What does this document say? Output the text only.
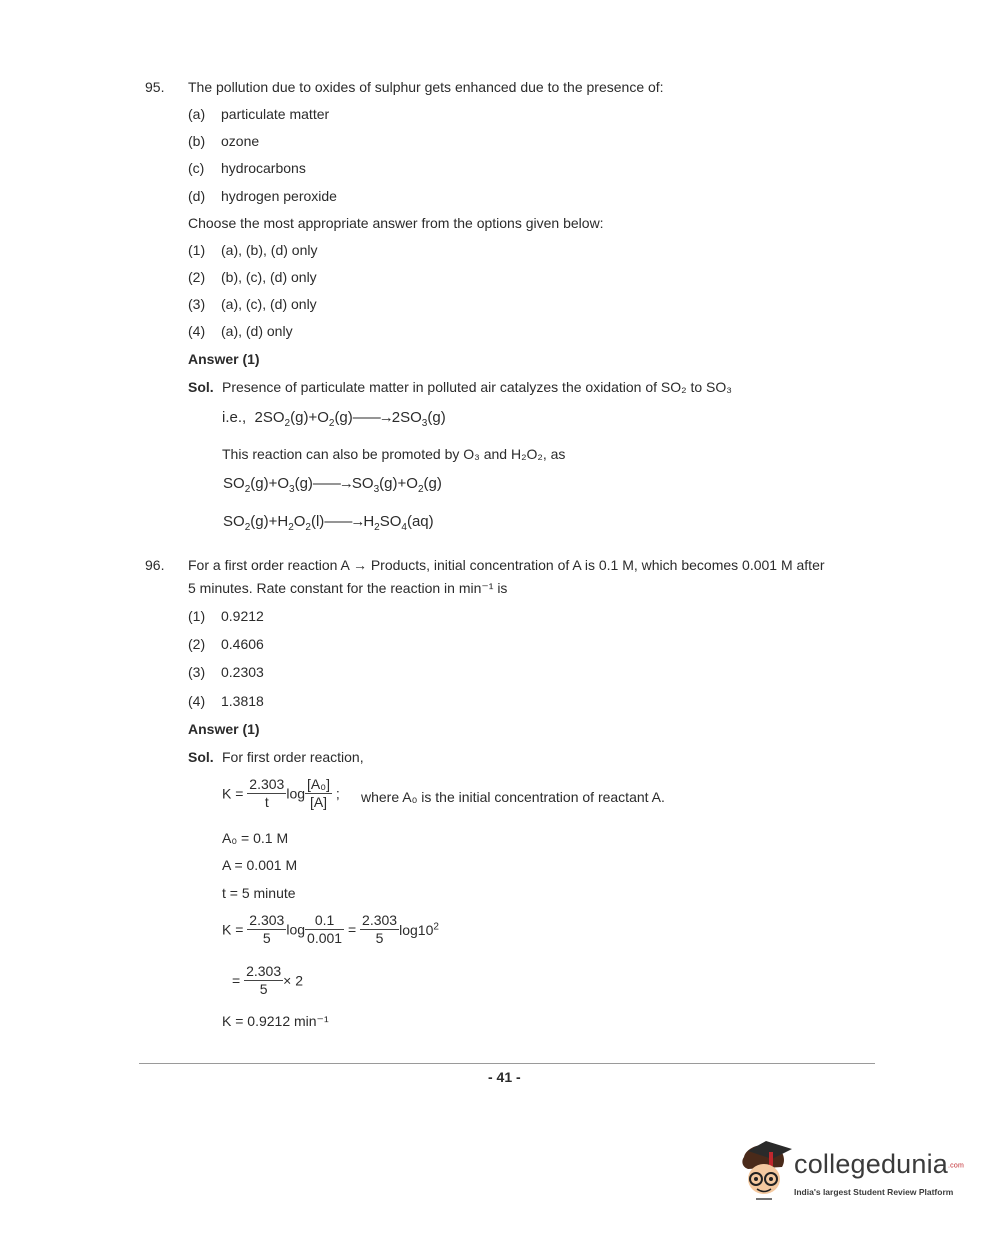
95. The pollution due to oxides of sulphur gets enhanced due to the presence of:
(a) particulate matter
(b) ozone
(c) hydrocarbons
(d) hydrogen peroxide
Choose the most appropriate answer from the options given below:
(1) (a), (b), (d) only
(2) (b), (c), (d) only
(3) (a), (c), (d) only
(4) (a), (d) only
Answer (1)
Sol. Presence of particulate matter in polluted air catalyzes the oxidation of SO₂ to SO₃
i.e.,  $2SO_2(g)+O_2(g)——\to 2SO_3(g)$
This reaction can also be promoted by O₃ and H₂O₂, as
$SO_2(g)+O_3(g)——\to SO_3(g)+O_2(g)$
$SO_2(g)+H_2O_2(l)——\to H_2SO_4(aq)$
96. For a first order reaction A → Products, initial concentration of A is 0.1 M, which becomes 0.001 M after
5 minutes. Rate constant for the reaction in min⁻¹ is
(1) 0.9212
(2) 0.4606
(3) 0.2303
(4) 1.3818
Answer (1)
Sol. For first order reaction,
$K = \frac{2.303}{t}$ $\log \frac{\text{[A₀]}}{[A]}$ ; where A₀ is the initial concentration of reactant A.
A₀ = 0.1 M
A = 0.001 M
t = 5 minute
$K = \frac{2.303}{5}$ $\log \frac{0.1}{0.001} = \frac{2.303}{5} \log 10^2$
= $\frac{2.303}{5} \times 2$
K = 0.9212 min⁻¹
- 41 -
collegedunia.com
India's largest Student Review Platform
